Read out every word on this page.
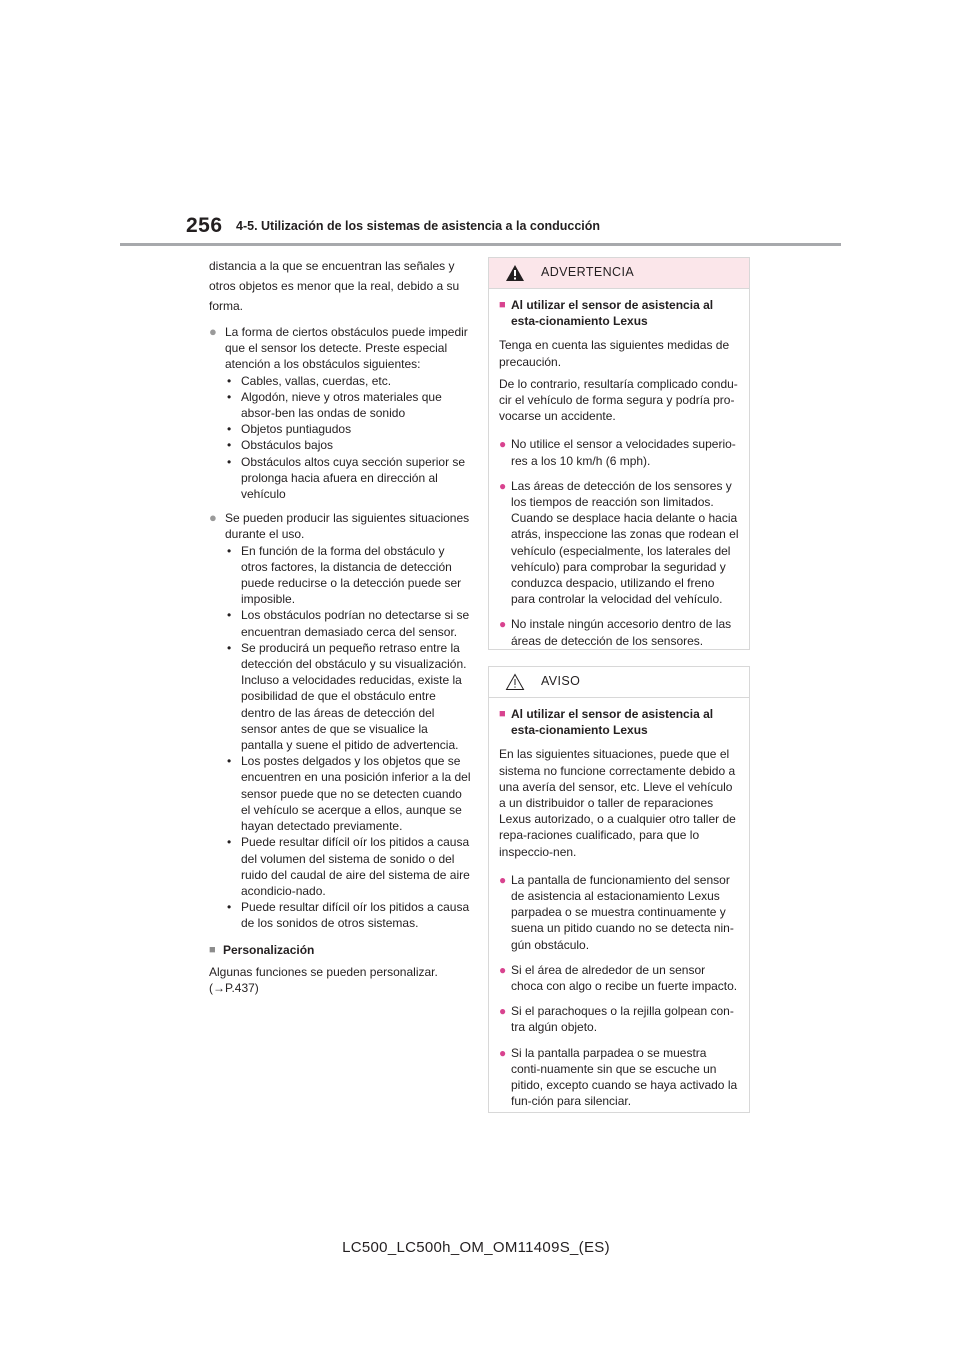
256 4-5. Utilización de los sistemas de asistencia a la conducción

distancia a la que se encuentran las señales y otros objetos es menor que la real, debido a su forma.

● La forma de ciertos obstáculos puede impedir que el sensor los detecte. Preste especial atención a los obstáculos siguientes:

• Cables, vallas, cuerdas, etc.
• Algodón, nieve y otros materiales que absor-ben las ondas de sonido
• Objetos puntiagudos
• Obstáculos bajos
• Obstáculos altos cuya sección superior se prolonga hacia afuera en dirección al vehículo
● Se pueden producir las siguientes situaciones durante el uso.

• En función de la forma del obstáculo y otros factores, la distancia de detección puede reducirse o la detección puede ser imposible.
• Los obstáculos podrían no detectarse si se encuentran demasiado cerca del sensor.
• Se producirá un pequeño retraso entre la detección del obstáculo y su visualización. Incluso a velocidades reducidas, existe la posibilidad de que el obstáculo entre dentro de las áreas de detección del sensor antes de que se visualice la pantalla y suene el pitido de advertencia.
• Los postes delgados y los objetos que se encuentren en una posición inferior a la del sensor puede que no se detecten cuando el vehículo se acerque a ellos, aunque se hayan detectado previamente.
• Puede resultar difícil oír los pitidos a causa del volumen del sistema de sonido o del ruido del caudal de aire del sistema de aire acondicio-nado.
• Puede resultar difícil oír los pitidos a causa de los sonidos de otros sistemas.
■ Personalización

Algunas funciones se pueden personalizar.

(→P.437)

ADVERTENCIA
■ Al utilizar el sensor de asistencia al esta-cionamiento Lexus

Tenga en cuenta las siguientes medidas de precaución.

De lo contrario, resultaría complicado condu-cir el vehículo de forma segura y podría pro-vocarse un accidente.

● No utilice el sensor a velocidades superio-res a los 10 km/h (6 mph).
● Las áreas de detección de los sensores y los tiempos de reacción son limitados. Cuando se desplace hacia delante o hacia atrás, inspeccione las zonas que rodean el vehículo (especialmente, los laterales del vehículo) para comprobar la seguridad y conduzca despacio, utilizando el freno para controlar la velocidad del vehículo.
● No instale ningún accesorio dentro de las áreas de detección de los sensores.
AVISO
■ Al utilizar el sensor de asistencia al esta-cionamiento Lexus

En las siguientes situaciones, puede que el sistema no funcione correctamente debido a una avería del sensor, etc. Lleve el vehículo a un distribuidor o taller de reparaciones Lexus autorizado, o a cualquier otro taller de repa-raciones cualificado, para que lo inspeccio-nen.

● La pantalla de funcionamiento del sensor de asistencia al estacionamiento Lexus parpadea o se muestra continuamente y suena un pitido cuando no se detecta nin-gún obstáculo.
● Si el área de alrededor de un sensor choca con algo o recibe un fuerte impacto.
● Si el parachoques o la rejilla golpean con-tra algún objeto.
● Si la pantalla parpadea o se muestra conti-nuamente sin que se escuche un pitido, excepto cuando se haya activado la fun-ción para silenciar.
LC500_LC500h_OM_OM11409S_(ES)
